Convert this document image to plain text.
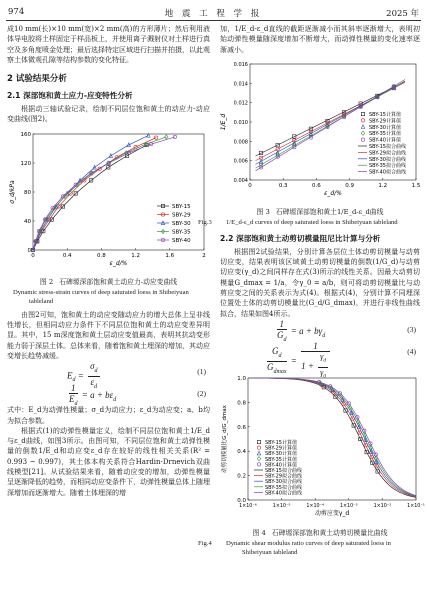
974	地 震 工 程 学 报	2025 年

成10 mm(长)×10 mm(宽)×2 mm(高)的方形薄片；然后利用液体导电胶将土样固定于样品板上，并使用离子溅射仪对土样进行真空及多角度喷金处理；最后选择特定区域进行扫描并拍摄，以此观察土体微观孔隙等结构参数的变化特征。

2 试验结果分析
2.1 深部饱和黄土应力-应变特性分析

根据动三轴试验记录，绘制不同层位饱和黄土的动应力-动应变曲线(图2)。

0	0.4	0.8	1.2	1.6	2
0
40
80
120
160
ε_d/%
σ_d/kPa
SBY-15
SBY-29
SBY-30
SBY-35
SBY-40
图 2 石碑塬深部饱和黄土动应力-动应变曲线
Dynamic stress-strain curves of deep saturated loess in Shibeiyuan tableland

由图2可知，饱和黄土的动应变随动应力的增大总体上呈非线性增长，但相同动应力条件下不同层位饱和黄土的动应变差异明显。其中，15 m深度饱和黄土层动应变值最高，表明其抗动变形能力弱于深层土体。总体来看，随着饱和黄土埋深的增加，其动应变增长趋势减缓。

$E_d = \frac{\sigma_d}{\varepsilon_d}$	(1)
$\frac{1}{E_d} = a + b\varepsilon_d$
(2)

式中：E_d为动弹性模量；σ_d为动应力；ε_d为动应变；a、b均为拟合参数。

根据式(1)的动弹性模量定义，绘制不同层位饱和黄土1/E_d与ε_d曲线，如图3所示。由图可知，不同层位饱和黄土动弹性模量的倒数1/E_d和动应变ε_d存在较好的线性相关关系(R² = 0.993 ~ 0.997)，其土体本构关系符合Hardin-Drnevich双曲线模型[21]。从试验结果来看，随着动应变的增加，动弹性模量呈逐渐降低的趋势，而相同动应变条件下，动弹性模量总体上随埋深增加而逐渐增大。随着土体埋深的增

加，1/E_d-ε_d直线的截距逐渐减小而其斜率逐渐增大，表明初始动弹性模量随深度增加不断增大，而动弹性模量的变化速率逐渐减小。

0	0.3	0.6	0.9	1.2	1.5
0.004
0.006
0.008
0.010
0.012
0.014
0.016
ε_d/%
1/E_d	SBY-15计算值
SBY-29计算值
SBY-30计算值
SBY-35计算值
SBY-40计算值
SBY-15拟合曲线
SBY-29拟合曲线
SBY-30拟合曲线
SBY-35拟合曲线
SBY-40拟合曲线
图 3 石碑塬深部饱和黄土1/E_d-ε_d曲线
Fig.3 1/E_d-ε_d curves of deep saturated loess in Shibeiyuan tableland
2.2 深部饱和黄土动剪切模量阻尼比计算与分析

根据图2试验结果，分别计算各层位土体动剪切模量与动剪切应变，结果表明该区域黄土动剪切模量的倒数(1/G_d)与动剪切应变(γ_d)之间同样存在式(3)所示的线性关系。因最大动剪切模量G_dmax = 1/a，令γ_0 = a/b，则可将动剪切模量比与动剪应变之间的关系表示为式(4)。根据式(4)，分别计算不同埋深位置处土体的动剪切模量比(G_d/G_dmax)，并进行非线性曲线拟合，结果如图4所示。

$\frac{1}{G_d} = a + b\gamma_d$
(3)
$\frac{G_d}{G_{dmax}} = \frac{1}{1 + \frac{\gamma_d}{\gamma_0}}$	(4)
1×10⁻⁶	1×10⁻⁵	1×10⁻⁴	1×10⁻³	1×10⁻²	1×10⁻¹
0.0
0.2
0.4
0.6
0.8
1.0
动剪应变γ_d
动剪切模量比G_d/G_dmax	SBY-15计算值
SBY-29计算值
SBY-30计算值
SBY-35计算值
SBY-40计算值
SBY-15拟合曲线
SBY-29拟合曲线
SBY-30拟合曲线
SBY-35拟合曲线
SBY-40拟合曲线
图 4 石碑塬深部饱和黄土动剪切模量比曲线
Fig.4 Dynamic shear modulus ratio curves of deep saturated loess in Shibeiyuan tableland
